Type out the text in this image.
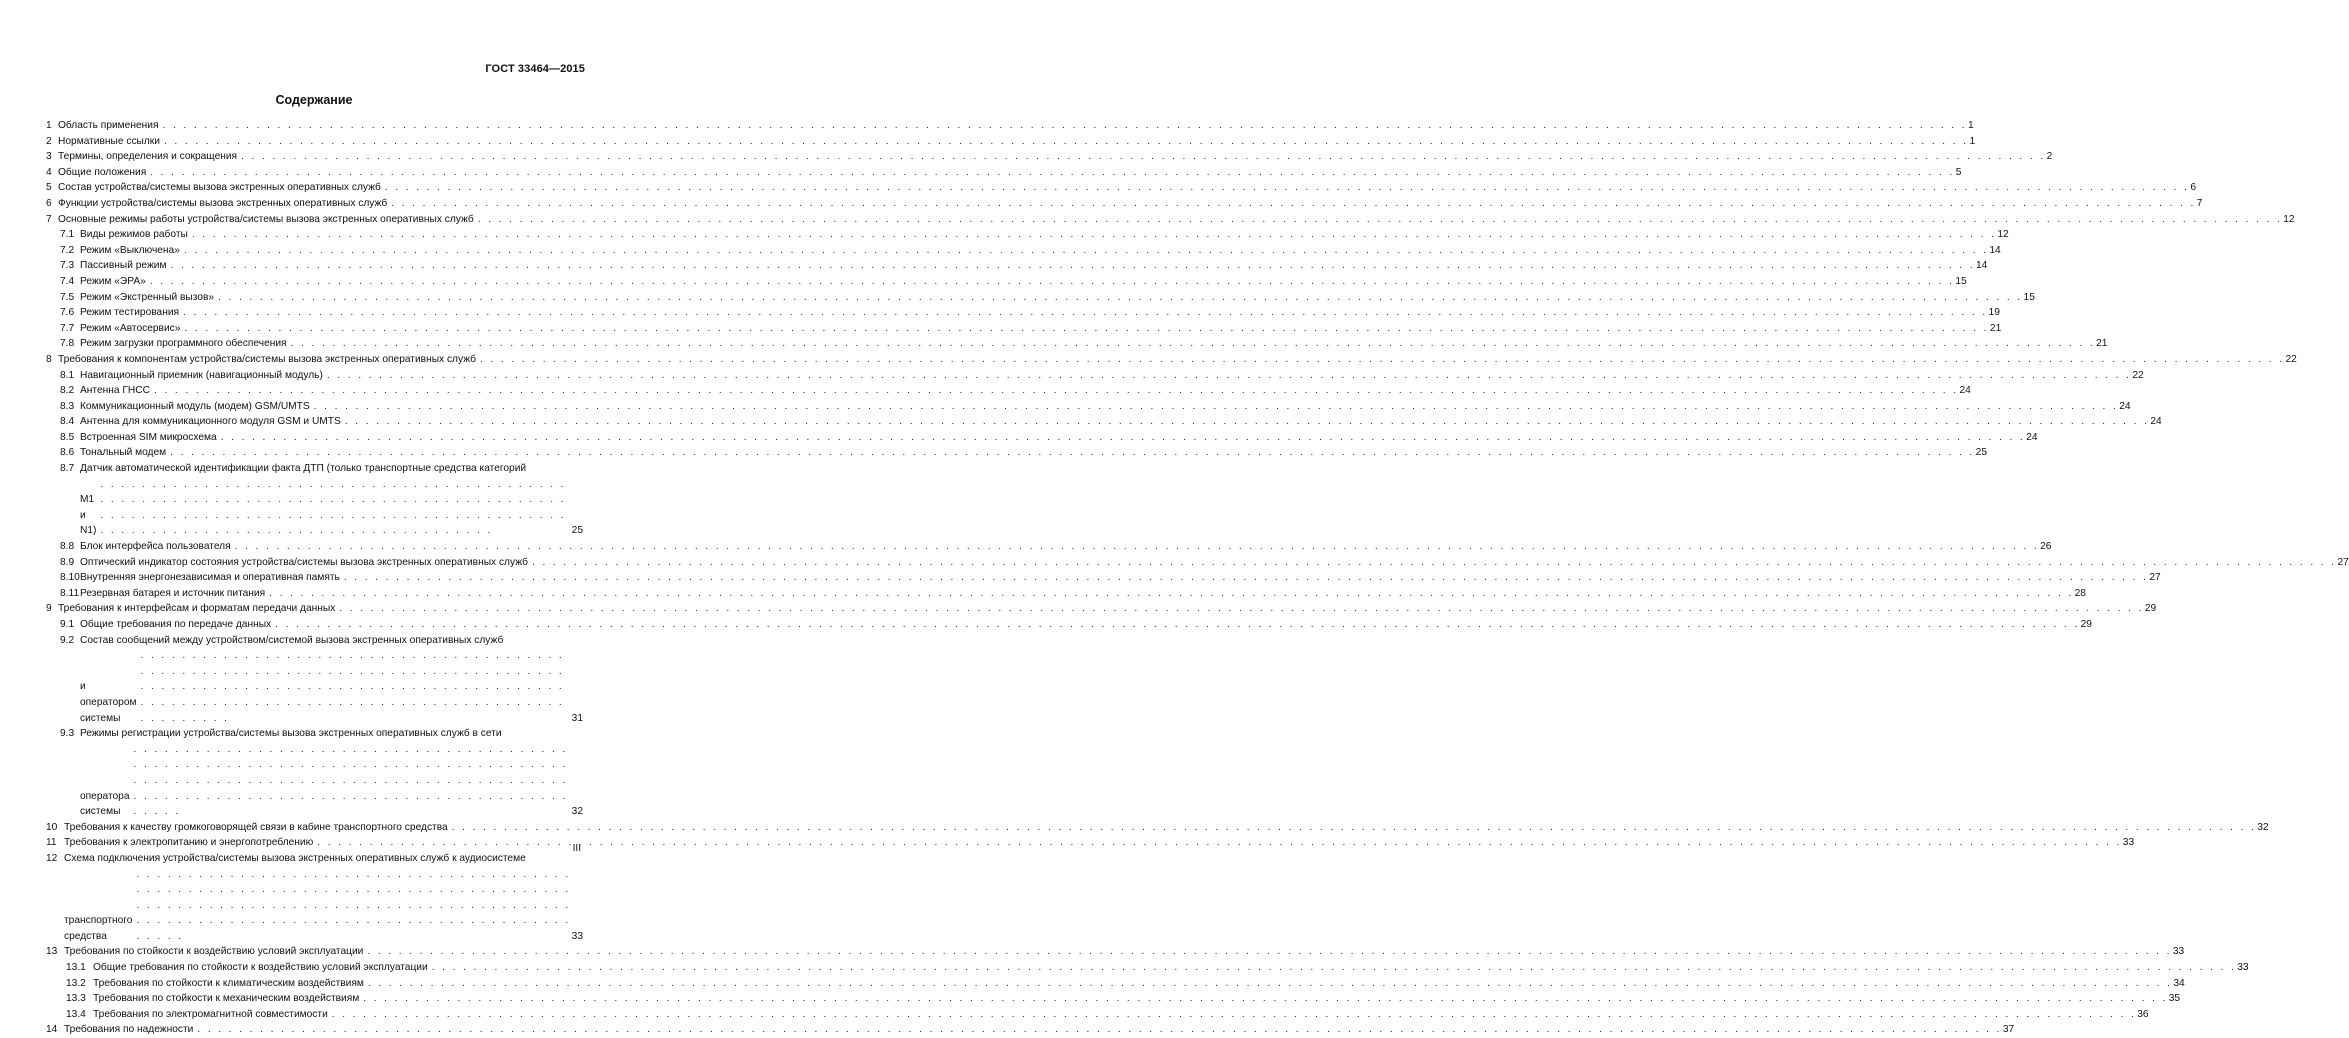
ГОСТ 33464—2015
Содержание
1 Область применения . . .	1
2 Нормативные ссылки . . .	1
3 Термины, определения и сокращения . . .	2
4 Общие положения . . .	5
5 Состав устройства/системы вызова экстренных оперативных служб . . .	6
6 Функции устройства/системы вызова экстренных оперативных служб . . .	7
7 Основные режимы работы устройства/системы вызова экстренных оперативных служб . . .	12
7.1 Виды режимов работы . . .	12
7.2 Режим «Выключена» . . .	14
7.3 Пассивный режим . . .	14
7.4 Режим «ЭРА» . . .	15
7.5 Режим «Экстренный вызов» . . .	15
7.6 Режим тестирования . . .	19
7.7 Режим «Автосервис» . . .	21
7.8 Режим загрузки программного обеспечения . . .	21
8 Требования к компонентам устройства/системы вызова экстренных оперативных служб . . .	22
8.1 Навигационный приемник (навигационный модуль) . . .	22
8.2 Антенна ГНСС . . .	24
8.3 Коммуникационный модуль (модем) GSM/UMTS . . .	24
8.4 Антенна для коммуникационного модуля GSM и UMTS . . .	24
8.5 Встроенная SIM микросхема . . .	24
8.6 Тональный модем . . .	25
8.7 Датчик автоматической идентификации факта ДТП (только транспортные средства категорий
M1 и N1) . . .	25
8.8 Блок интерфейса пользователя . . .	26
8.9 Оптический индикатор состояния устройства/системы вызова экстренных оперативных служб . . .	27
8.10 Внутренняя энергонезависимая и оперативная память . . .	27
8.11 Резервная батарея и источник питания . . .	28
9 Требования к интерфейсам и форматам передачи данных . . .	29
9.1 Общие требования по передаче данных . . .	29
9.2 Состав сообщений между устройством/системой вызова экстренных оперативных служб
и оператором системы . . .	31
9.3 Режимы регистрации устройства/системы вызова экстренных оперативных служб в сети
оператора системы . . .	32
10 Требования к качеству громкоговорящей связи в кабине транспортного средства . . .	32
11 Требования к электропитанию и энергопотреблению . . .	33
12 Схема подключения устройства/системы вызова экстренных оперативных служб к аудиосистеме
транспортного средства . . .	33
13 Требования по стойкости к воздействию условий эксплуатации . . .	33
13.1 Общие требования по стойкости к воздействию условий эксплуатации . . .	33
13.2 Требования по стойкости к климатическим воздействиям . . .	34
13.3 Требования по стойкости к механическим воздействиям . . .	35
13.4 Требования по электромагнитной совместимости . . .	36
14 Требования по надежности . . .	37
III
